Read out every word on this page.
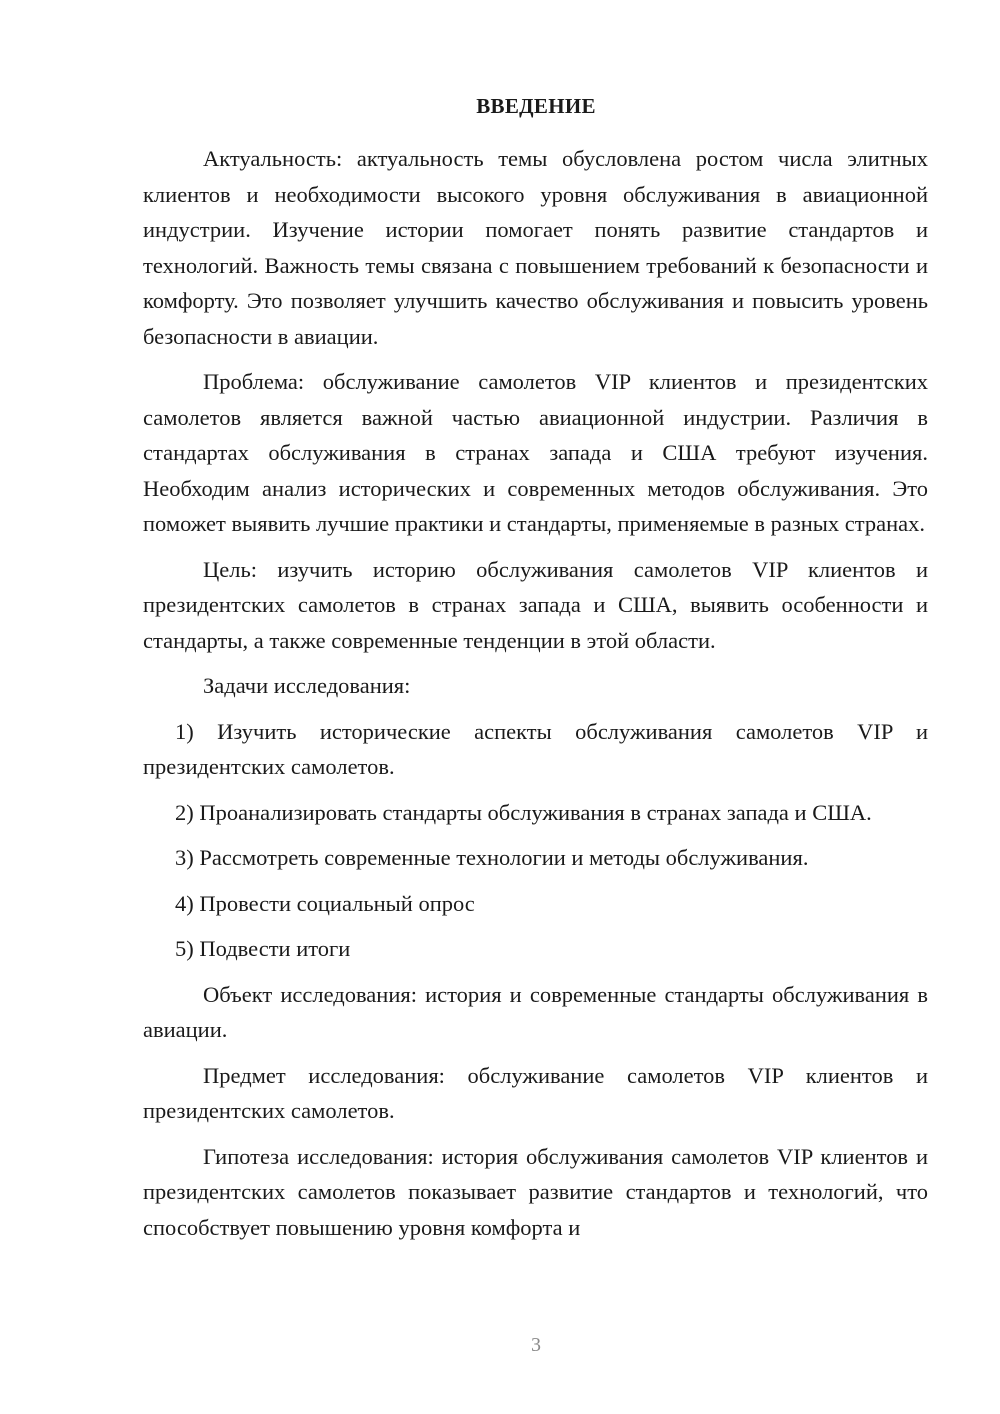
ВВЕДЕНИЕ

Актуальность: актуальность темы обусловлена ростом числа элитных клиентов и необходимости высокого уровня обслуживания в авиационной индустрии. Изучение истории помогает понять развитие стандартов и технологий. Важность темы связана с повышением требований к безопасности и комфорту. Это позволяет улучшить качество обслуживания и повысить уровень безопасности в авиации.

Проблема: обслуживание самолетов VIP клиентов и президентских самолетов является важной частью авиационной индустрии. Различия в стандартах обслуживания в странах запада и США требуют изучения. Необходим анализ исторических и современных методов обслуживания. Это поможет выявить лучшие практики и стандарты, применяемые в разных странах.

Цель: изучить историю обслуживания самолетов VIP клиентов и президентских самолетов в странах запада и США, выявить особенности и стандарты, а также современные тенденции в этой области.

Задачи исследования:

1) Изучить исторические аспекты обслуживания самолетов VIP и президентских самолетов.

2) Проанализировать стандарты обслуживания в странах запада и США.

3) Рассмотреть современные технологии и методы обслуживания.

4) Провести социальный опрос

5) Подвести итоги

Объект исследования: история и современные стандарты обслуживания в авиации.

Предмет исследования: обслуживание самолетов VIP клиентов и президентских самолетов.

Гипотеза исследования: история обслуживания самолетов VIP клиентов и президентских самолетов показывает развитие стандартов и технологий, что способствует повышению уровня комфорта и

3
